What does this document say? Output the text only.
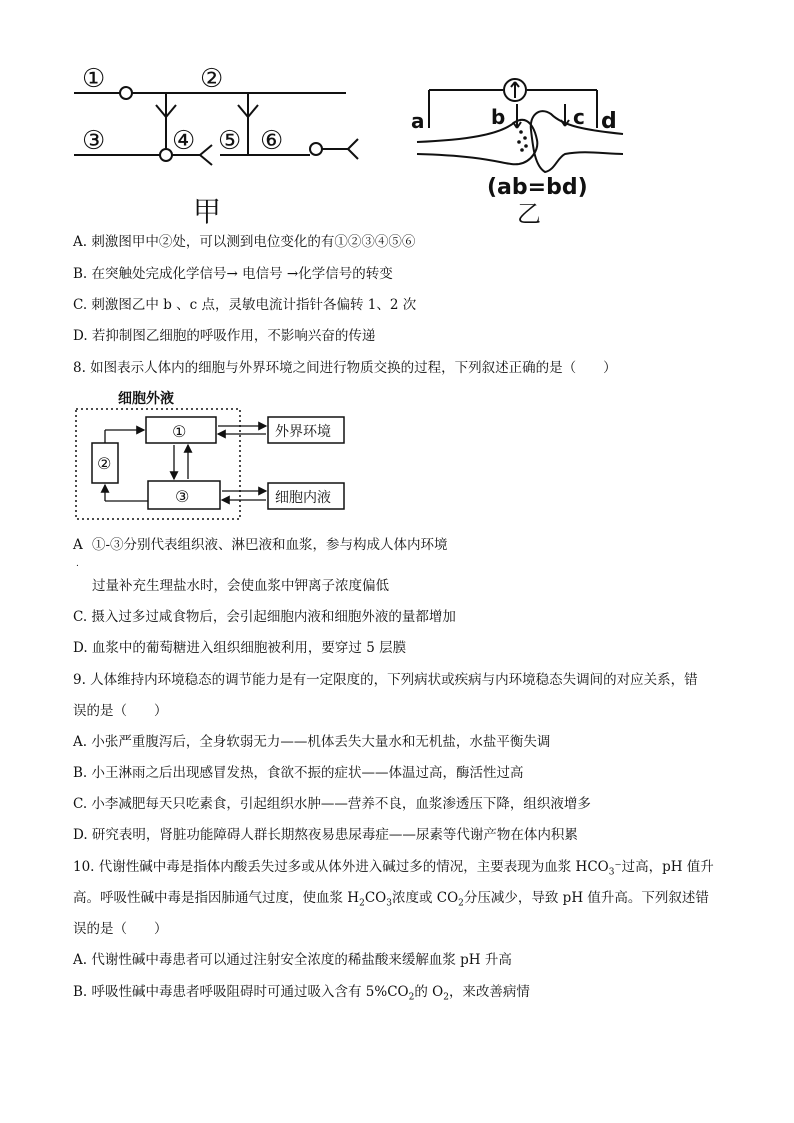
①	②
③	④ ⑤ ⑥
甲
a	b	c d
(ab=bd)
乙
A. 刺激图甲中②处，可以测到电位变化的有①②③④⑤⑥
B. 在突触处完成化学信号→ 电信号 →化学信号的转变
C. 刺激图乙中 b 、c 点，灵敏电流计指针各偏转 1、2 次
D. 若抑制图乙细胞的呼吸作用，不影响兴奋的传递
8. 如图表示人体内的细胞与外界环境之间进行物质交换的过程，下列叙述正确的是（　　）
细胞外液
①
②
③
外界环境
细胞内液
A ①-③分别代表组织液、淋巴液和血浆，参与构成人体内环境
.
过量补充生理盐水时，会使血浆中钾离子浓度偏低
C. 摄入过多过咸食物后，会引起细胞内液和细胞外液的量都增加
D. 血浆中的葡萄糖进入组织细胞被利用，要穿过 5 层膜
9. 人体维持内环境稳态的调节能力是有一定限度的，下列病状或疾病与内环境稳态失调间的对应关系，错
误的是（　　）
A. 小张严重腹泻后，全身软弱无力——机体丢失大量水和无机盐，水盐平衡失调
B. 小王淋雨之后出现感冒发热，食欲不振的症状——体温过高，酶活性过高
C. 小李减肥每天只吃素食，引起组织水肿——营养不良，血浆渗透压下降，组织液增多
D. 研究表明，肾脏功能障碍人群长期熬夜易患尿毒症——尿素等代谢产物在体内积累
10. 代谢性碱中毒是指体内酸丢失过多或从体外进入碱过多的情况，主要表现为血浆 $HCO_3^-$过高，pH 值升
高。呼吸性碱中毒是指因肺通气过度，使血浆 $H_2CO_3$浓度或 $CO_2$分压减少，导致 pH 值升高。下列叙述错
误的是（　　）
A. 代谢性碱中毒患者可以通过注射安全浓度的稀盐酸来缓解血浆 pH 升高
B. 呼吸性碱中毒患者呼吸阻碍时可通过吸入含有 $5\%CO_2$的 $O_2$，来改善病情
